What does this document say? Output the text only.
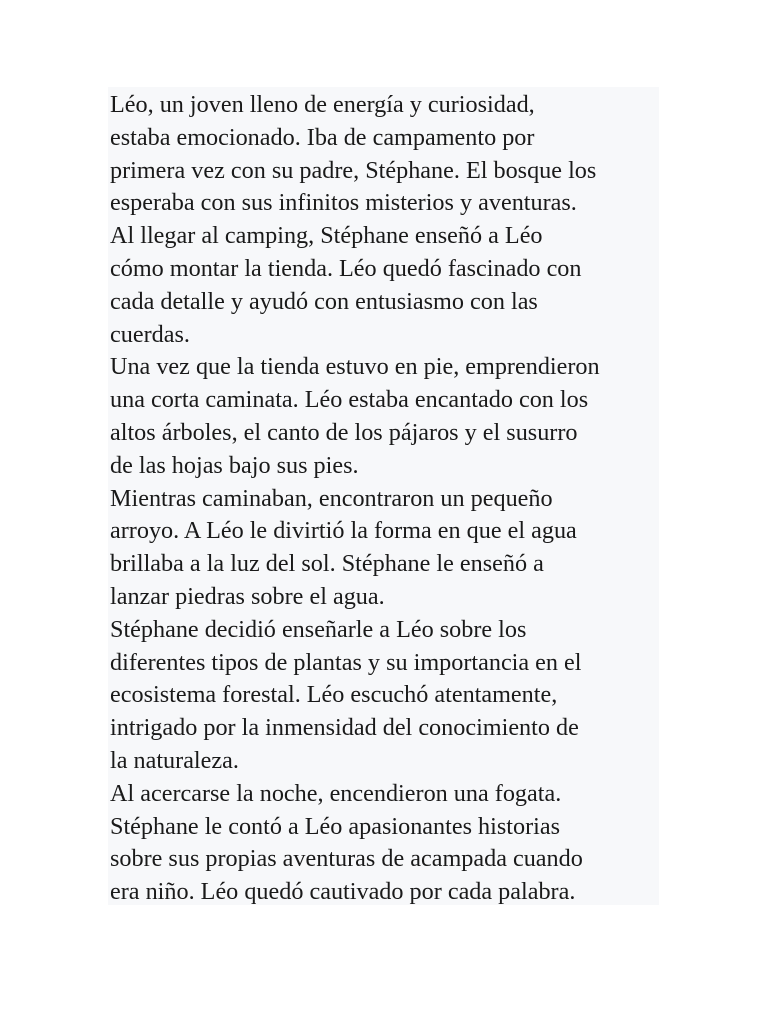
Léo, un joven lleno de energía y curiosidad,
estaba emocionado. Iba de campamento por
primera vez con su padre, Stéphane. El bosque los
esperaba con sus infinitos misterios y aventuras.
Al llegar al camping, Stéphane enseñó a Léo
cómo montar la tienda. Léo quedó fascinado con
cada detalle y ayudó con entusiasmo con las
cuerdas.
Una vez que la tienda estuvo en pie, emprendieron
una corta caminata. Léo estaba encantado con los
altos árboles, el canto de los pájaros y el susurro
de las hojas bajo sus pies.
Mientras caminaban, encontraron un pequeño
arroyo. A Léo le divirtió la forma en que el agua
brillaba a la luz del sol. Stéphane le enseñó a
lanzar piedras sobre el agua.
Stéphane decidió enseñarle a Léo sobre los
diferentes tipos de plantas y su importancia en el
ecosistema forestal. Léo escuchó atentamente,
intrigado por la inmensidad del conocimiento de
la naturaleza.
Al acercarse la noche, encendieron una fogata.
Stéphane le contó a Léo apasionantes historias
sobre sus propias aventuras de acampada cuando
era niño. Léo quedó cautivado por cada palabra.
